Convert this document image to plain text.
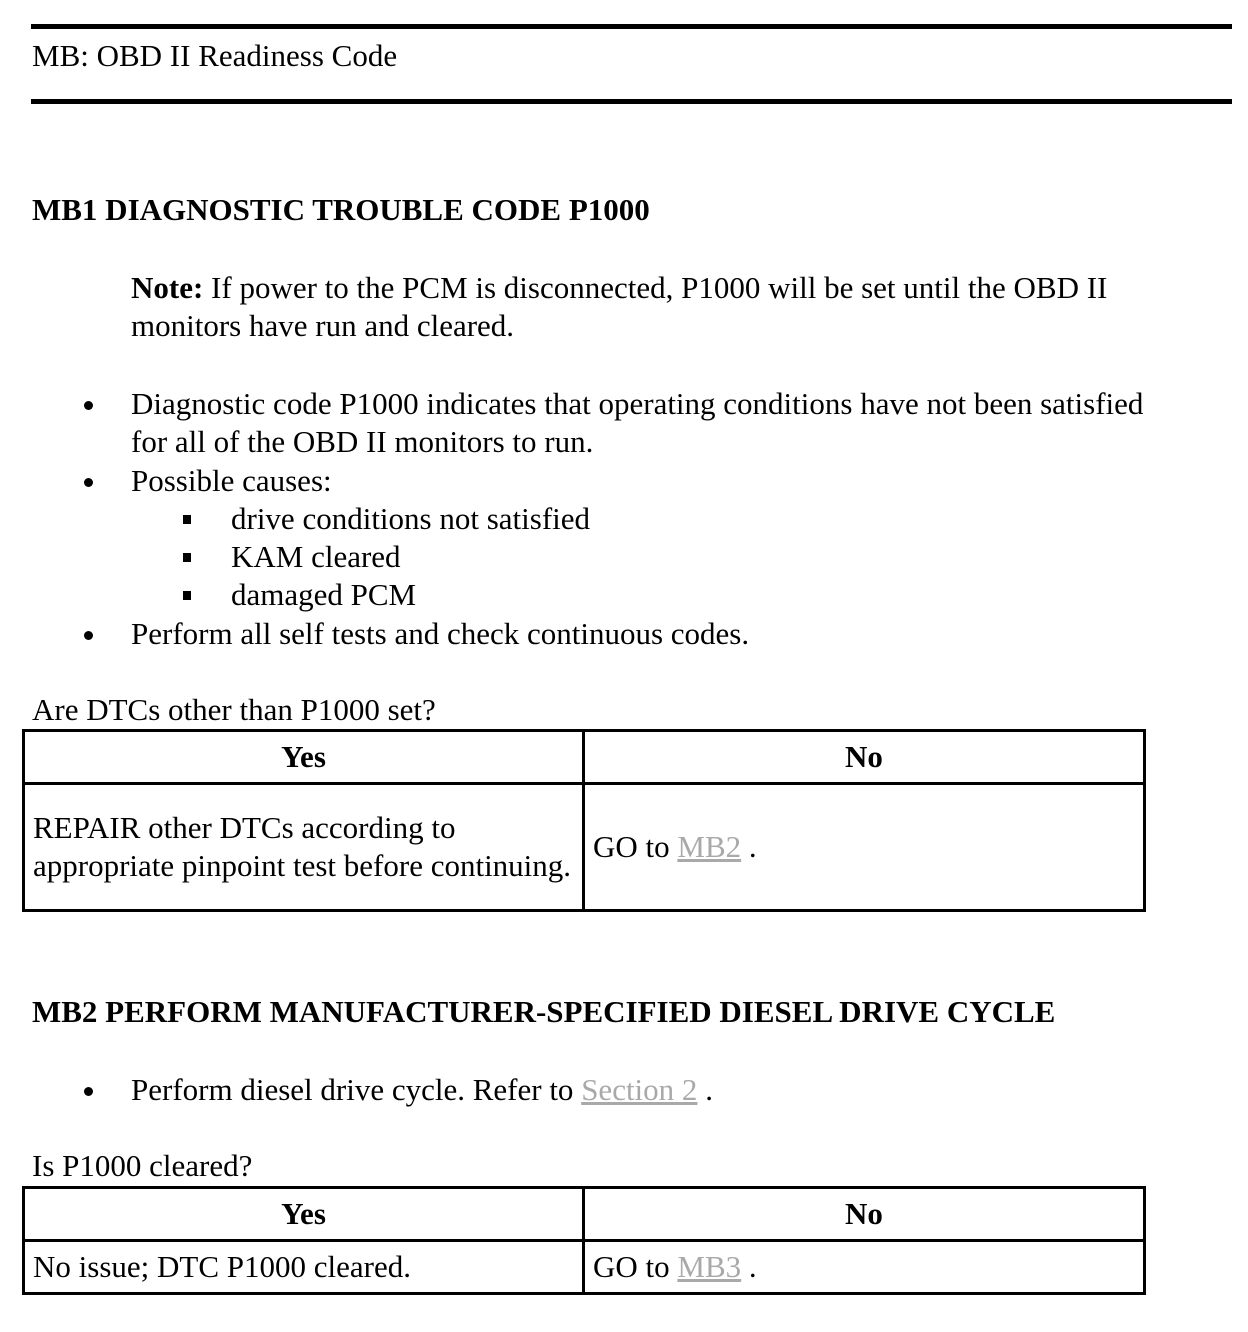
MB: OBD II Readiness Code
MB1 DIAGNOSTIC TROUBLE CODE P1000
Note: If power to the PCM is disconnected, P1000 will be set until the OBD II monitors have run and cleared.
Diagnostic code P1000 indicates that operating conditions have not been satisfied
for all of the OBD II monitors to run.
Possible causes:
drive conditions not satisfied
KAM cleared
damaged PCM
Perform all self tests and check continuous codes.
Are DTCs other than P1000 set?
Yes	No
REPAIR other DTCs according to appropriate pinpoint test before continuing.	GO to MB2 .
MB2 PERFORM MANUFACTURER-SPECIFIED DIESEL DRIVE CYCLE
Perform diesel drive cycle. Refer to Section 2 .
Is P1000 cleared?
Yes	No
No issue; DTC P1000 cleared.	GO to MB3 .
